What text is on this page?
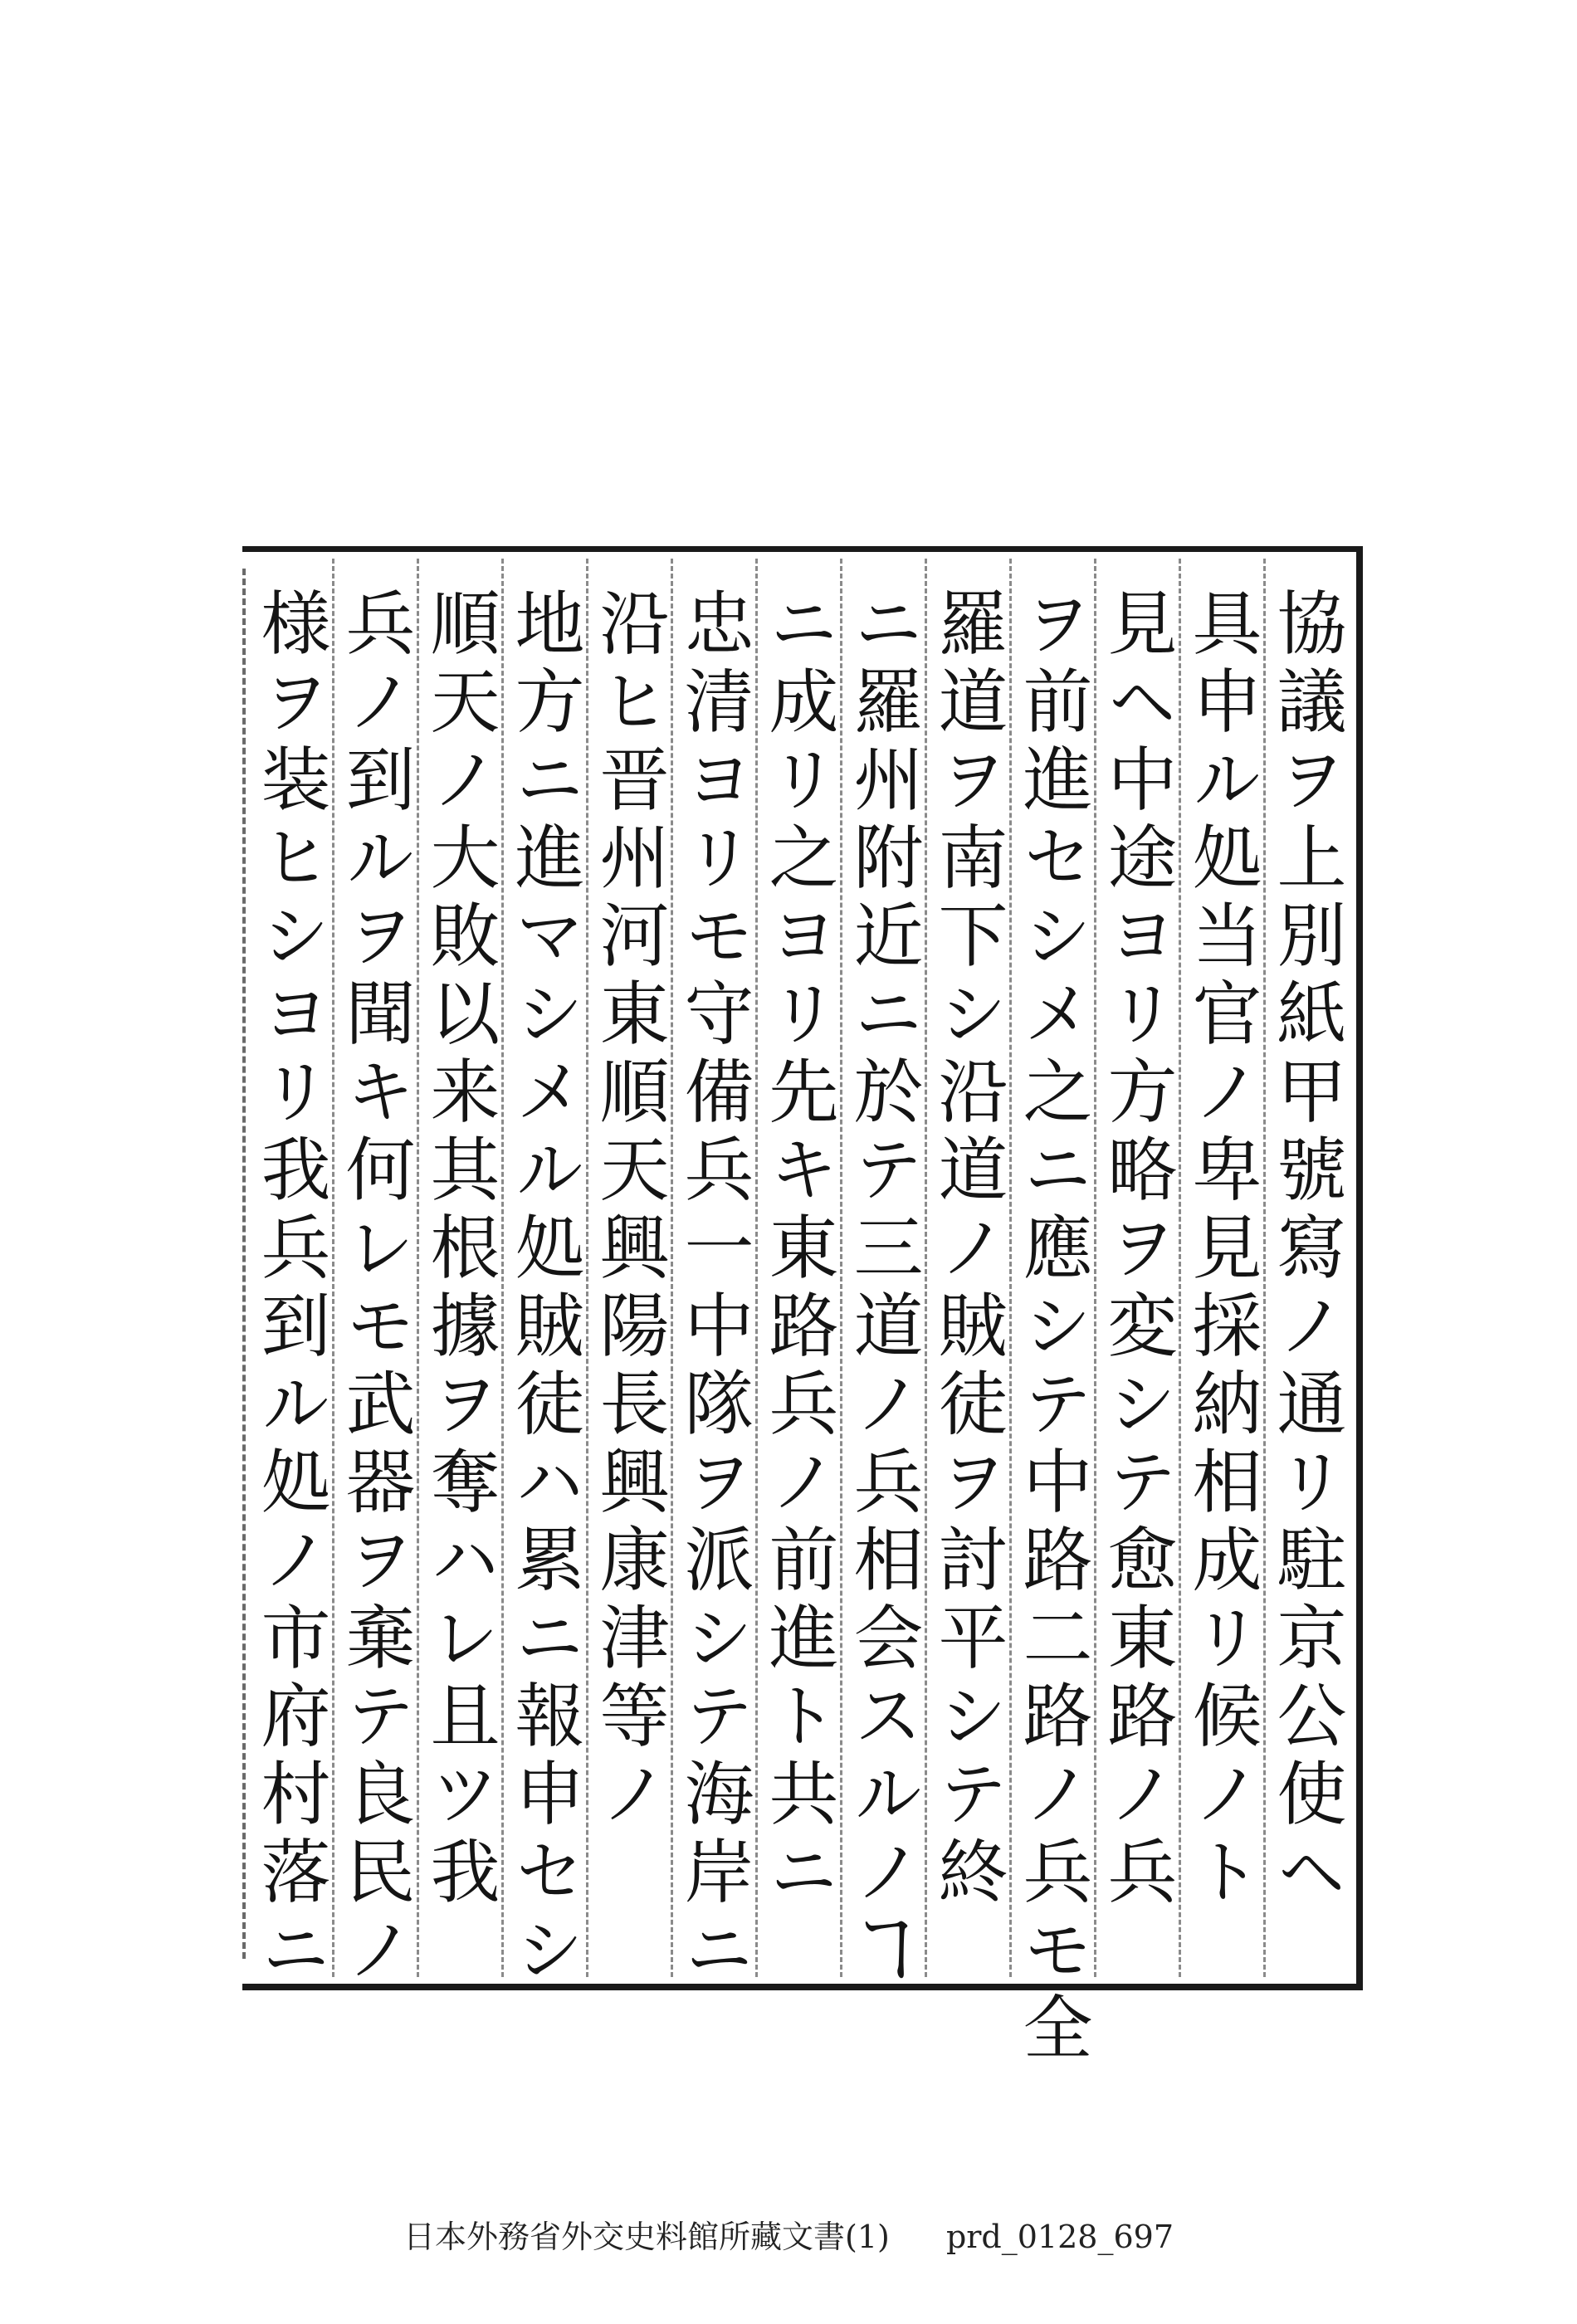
協議ヲ上別紙甲號寫ノ通リ駐京公使ヘ
具申ル処当官ノ卑見採納相成リ候ノト
見ヘ中途ヨリ方略ヲ変シテ愈東路ノ兵
ヲ前進セシメ之ニ應シテ中路二路ノ兵モ全
羅道ヲ南下シ沿道ノ賊徒ヲ討平シテ終
ニ羅州附近ニ於テ三道ノ兵相会スルノヿ
ニ成リ之ヨリ先キ東路兵ノ前進ト共ニ
忠清ヨリモ守備兵一中隊ヲ派シテ海岸ニ
沿ヒ晋州河東順天興陽長興康津等ノ
地方ニ進マシメル処賊徒ハ累ニ報申セシ
順天ノ大敗以来其根據ヲ奪ハレ且ツ我
兵ノ到ルヲ聞キ何レモ武器ヲ棄テ良民ノ
様ヲ装ヒシヨリ我兵到ル処ノ市府村落ニ
日本外務省外交史料館所藏文書(1) prd_0128_697
